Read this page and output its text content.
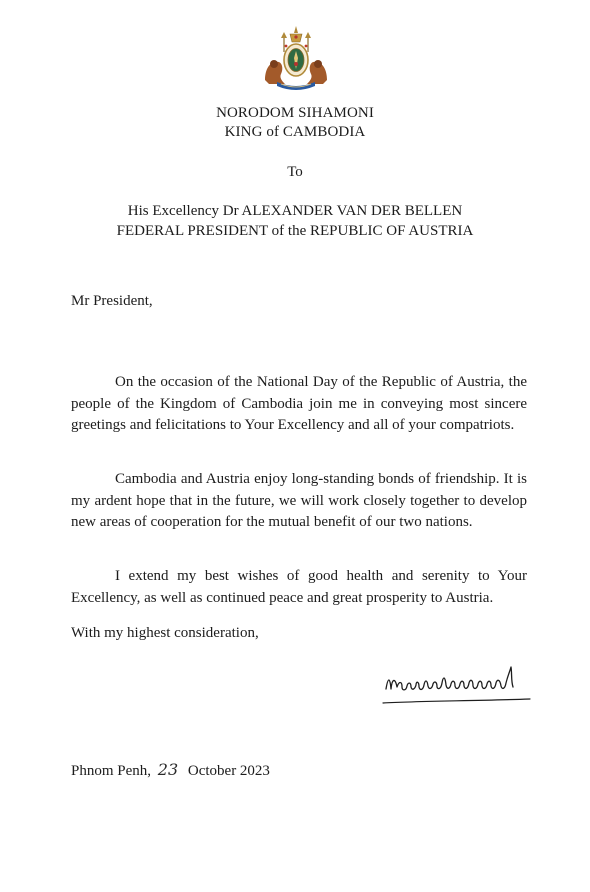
NORODOM SIHAMONI
KING of CAMBODIA
To
His Excellency Dr ALEXANDER VAN DER BELLEN
FEDERAL PRESIDENT of the REPUBLIC OF AUSTRIA
Mr President,

On the occasion of the National Day of the Republic of Austria, the people of the Kingdom of Cambodia join me in conveying most sincere greetings and felicitations to Your Excellency and all of your compatriots.

Cambodia and Austria enjoy long-standing bonds of friendship. It is my ardent hope that in the future, we will work closely together to develop new areas of cooperation for the mutual benefit of our two nations.

I extend my best wishes of good health and serenity to Your Excellency, as well as continued peace and great prosperity to Austria.

With my highest consideration,
Phnom Penh, 23 October 2023
